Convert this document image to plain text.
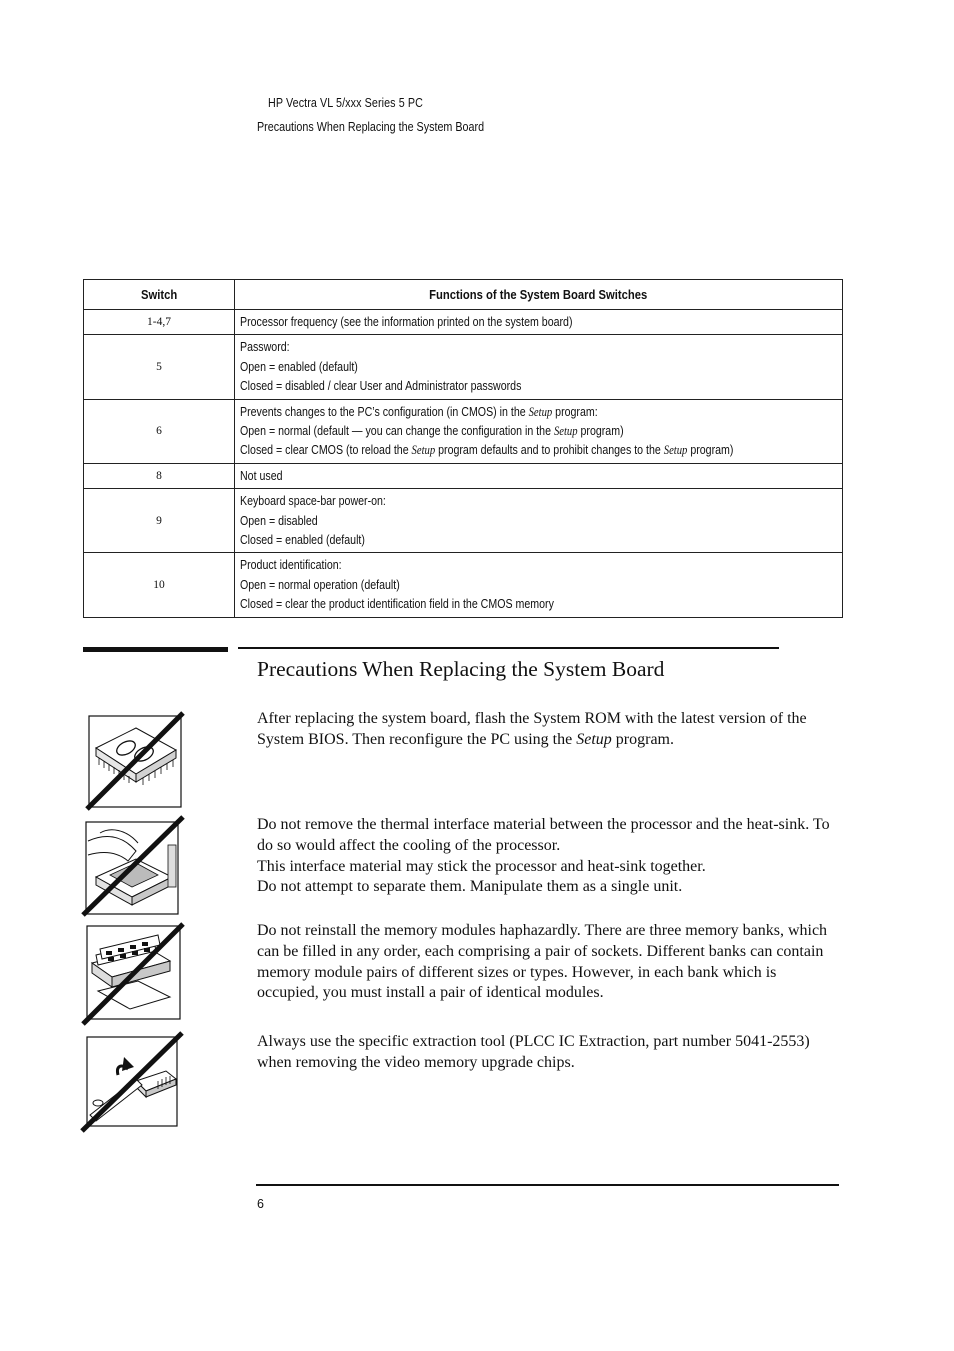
HP Vectra VL 5/xxx Series 5 PC
Precautions When Replacing the System Board
Switch	Functions of the System Board Switches
1-4,7	Processor frequency (see the information printed on the system board)
5	Password:
Open = enabled (default)
Closed = disabled / clear User and Administrator passwords
6	Prevents changes to the PC’s configuration (in CMOS) in the Setup program:
Open = normal (default — you can change the configuration in the Setup program)
Closed = clear CMOS (to reload the Setup program defaults and to prohibit changes to the Setup program)
8	Not used
9	Keyboard space-bar power-on:
Open = disabled
Closed = enabled (default)
10	Product identification:
Open = normal operation (default)
Closed = clear the product identification field in the CMOS memory
Precautions When Replacing the System Board

After replacing the system board, flash the System ROM with the latest version of the System BIOS. Then reconfigure the PC using the Setup program.

Do not remove the thermal interface material between the processor and the heat-sink. To do so would affect the cooling of the processor.
This interface material may stick the processor and heat-sink together.
Do not attempt to separate them. Manipulate them as a single unit.

Do not reinstall the memory modules haphazardly. There are three memory banks, which can be filled in any order, each comprising a pair of sockets. Different banks can contain memory module pairs of different sizes or types. However, in each bank which is occupied, you must install a pair of identical modules.

Always use the specific extraction tool (PLCC IC Extraction, part number 5041-2553) when removing the video memory upgrade chips.

6
